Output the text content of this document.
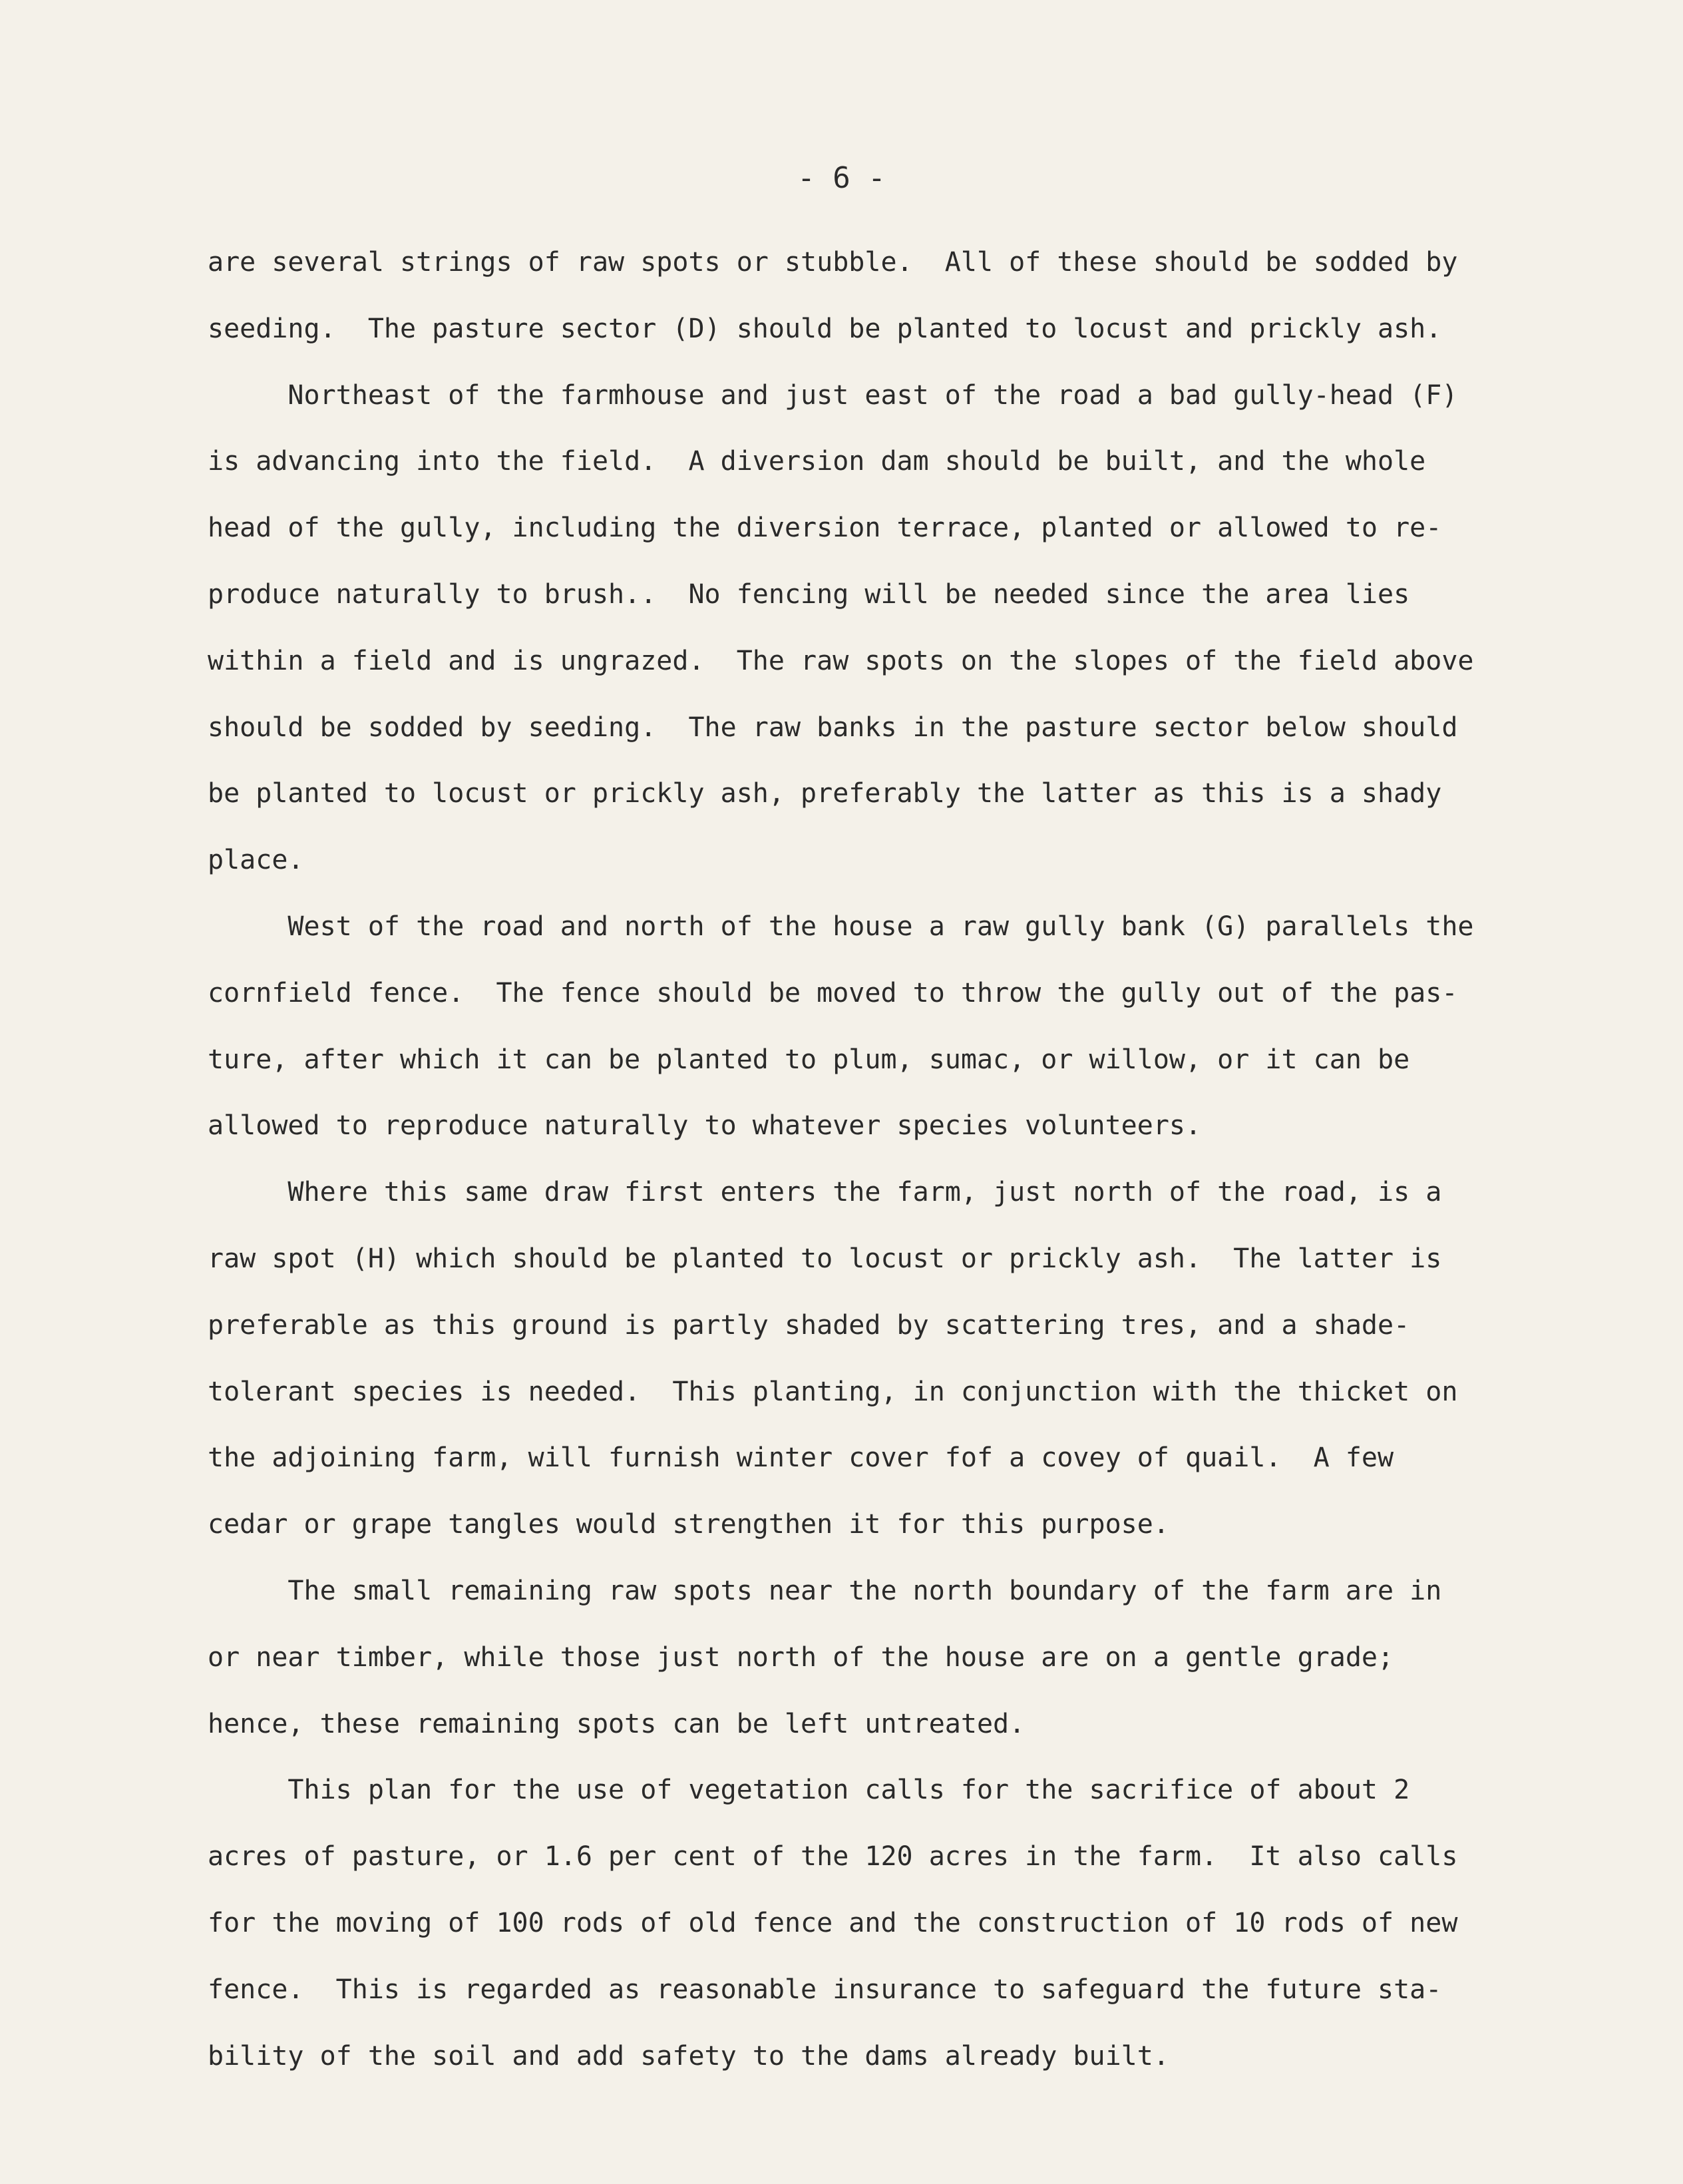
- 6 -
are several strings of raw spots or stubble.  All of these should be sodded by
seeding.  The pasture sector (D) should be planted to locust and prickly ash.
Northeast of the farmhouse and just east of the road a bad gully-head (F)
is advancing into the field.  A diversion dam should be built, and the whole
head of the gully, including the diversion terrace, planted or allowed to re-
produce naturally to brush..  No fencing will be needed since the area lies
within a field and is ungrazed.  The raw spots on the slopes of the field above
should be sodded by seeding.  The raw banks in the pasture sector below should
be planted to locust or prickly ash, preferably the latter as this is a shady
place.
West of the road and north of the house a raw gully bank (G) parallels the
cornfield fence.  The fence should be moved to throw the gully out of the pas-
ture, after which it can be planted to plum, sumac, or willow, or it can be
allowed to reproduce naturally to whatever species volunteers.
Where this same draw first enters the farm, just north of the road, is a
raw spot (H) which should be planted to locust or prickly ash.  The latter is
preferable as this ground is partly shaded by scattering tres, and a shade-
tolerant species is needed.  This planting, in conjunction with the thicket on
the adjoining farm, will furnish winter cover fof a covey of quail.  A few
cedar or grape tangles would strengthen it for this purpose.
The small remaining raw spots near the north boundary of the farm are in
or near timber, while those just north of the house are on a gentle grade;
hence, these remaining spots can be left untreated.
This plan for the use of vegetation calls for the sacrifice of about 2
acres of pasture, or 1.6 per cent of the 120 acres in the farm.  It also calls
for the moving of 100 rods of old fence and the construction of 10 rods of new
fence.  This is regarded as reasonable insurance to safeguard the future sta-
bility of the soil and add safety to the dams already built.
